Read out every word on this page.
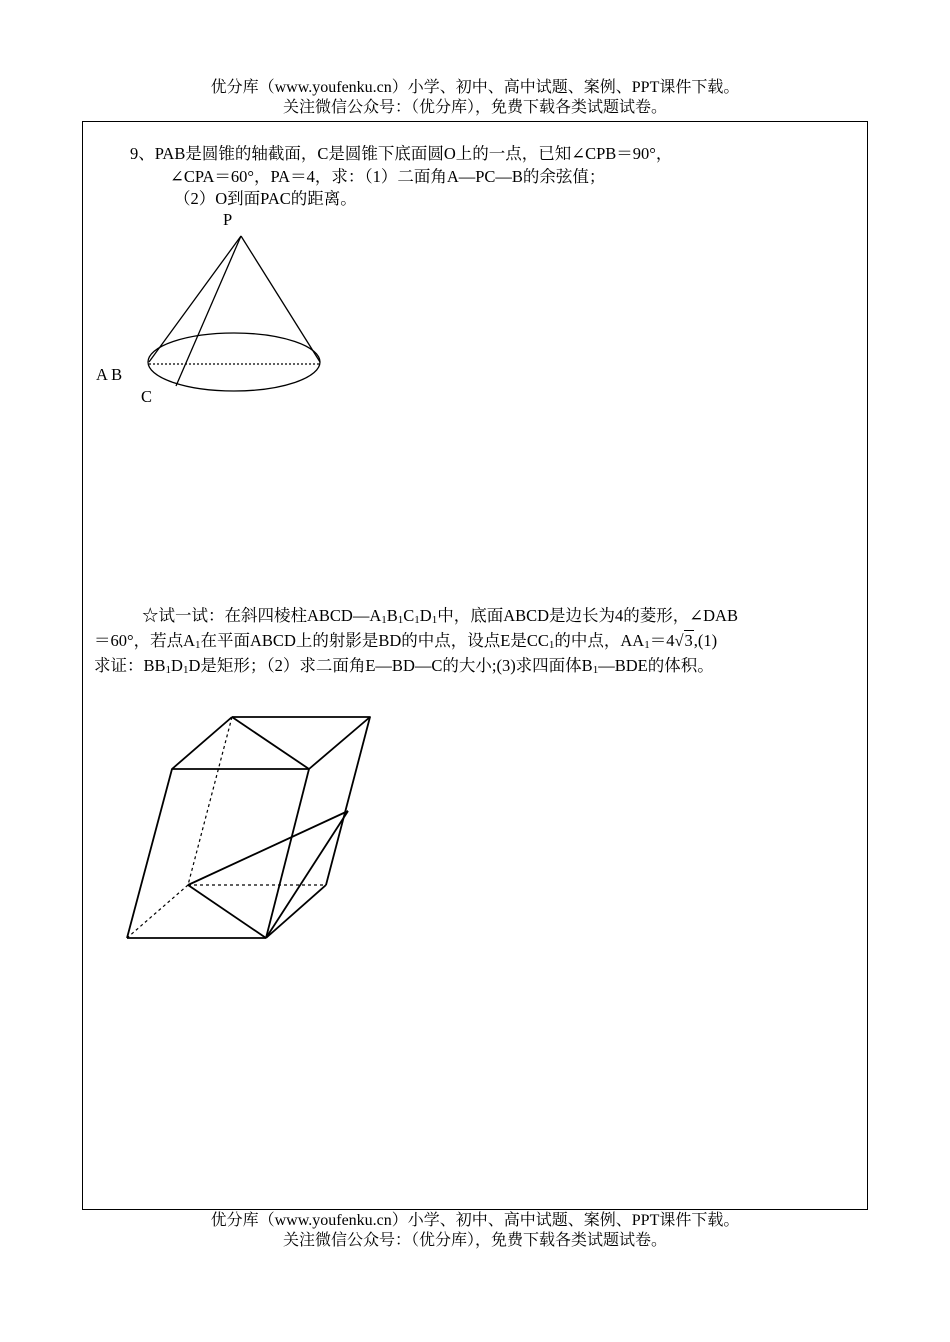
优分库（www.youfenku.cn）小学、初中、高中试题、案例、PPT课件下载。
关注微信公众号：（优分库），免费下载各类试题试卷。
9、PAB是圆锥的轴截面，C是圆锥下底面圆O上的一点，已知∠CPB＝90°，
∠CPA＝60°，PA＝4，求：（1）二面角A—PC—B的余弦值；
（2）O到面PAC的距离。
P
A B
C
☆试一试：在斜四棱柱$ABCD—A_1B_1C_1D_1$中，底面ABCD是边长为4的菱形，∠DAB
＝60°，若点$A_1$在平面ABCD上的射影是BD的中点，设点E是$CC_1$的中点，$AA_1=4√3,(1)$
求证：$BB_1D_1D$是矩形；（2）求二面角E—BD—C的大小;(3)求四面体$B_1—BDE$的体积。
优分库（www.youfenku.cn）小学、初中、高中试题、案例、PPT课件下载。
关注微信公众号：（优分库），免费下载各类试题试卷。
